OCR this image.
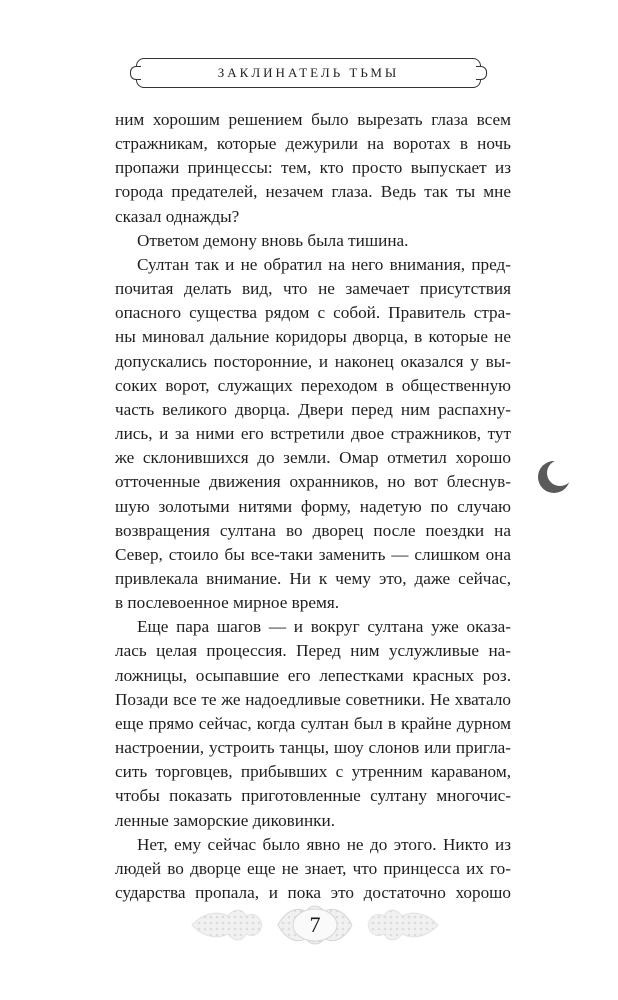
ЗАКЛИНАТЕЛЬ ТЬМЫ

ним хорошим решением было вырезать глаза всем

стражникам, которые дежурили на воротах в ночь

пропажи принцессы: тем, кто просто выпускает из

города предателей, незачем глаза. Ведь так ты мне

сказал однажды?

Ответом демону вновь была тишина.

Султан так и не обратил на него внимания, пред-

почитая делать вид, что не замечает присутствия

опасного существа рядом с собой. Правитель стра-

ны миновал дальние коридоры дворца, в которые не

допускались посторонние, и наконец оказался у вы-

соких ворот, служащих переходом в общественную

часть великого дворца. Двери перед ним распахну-

лись, и за ними его встретили двое стражников, тут

же склонившихся до земли. Омар отметил хорошо

отточенные движения охранников, но вот блеснув-

шую золотыми нитями форму, надетую по случаю

возвращения султана во дворец после поездки на

Север, стоило бы все-таки заменить — слишком она

привлекала внимание. Ни к чему это, даже сейчас,

в послевоенное мирное время.

Еще пара шагов — и вокруг султана уже оказа-

лась целая процессия. Перед ним услужливые на-

ложницы, осыпавшие его лепестками красных роз.

Позади все те же надоедливые советники. Не хватало

еще прямо сейчас, когда султан был в крайне дурном

настроении, устроить танцы, шоу слонов или пригла-

сить торговцев, прибывших с утренним караваном,

чтобы показать приготовленные султану многочис-

ленные заморские диковинки.

Нет, ему сейчас было явно не до этого. Никто из

людей во дворце еще не знает, что принцесса их го-

сударства пропала, и пока это достаточно хорошо

7
